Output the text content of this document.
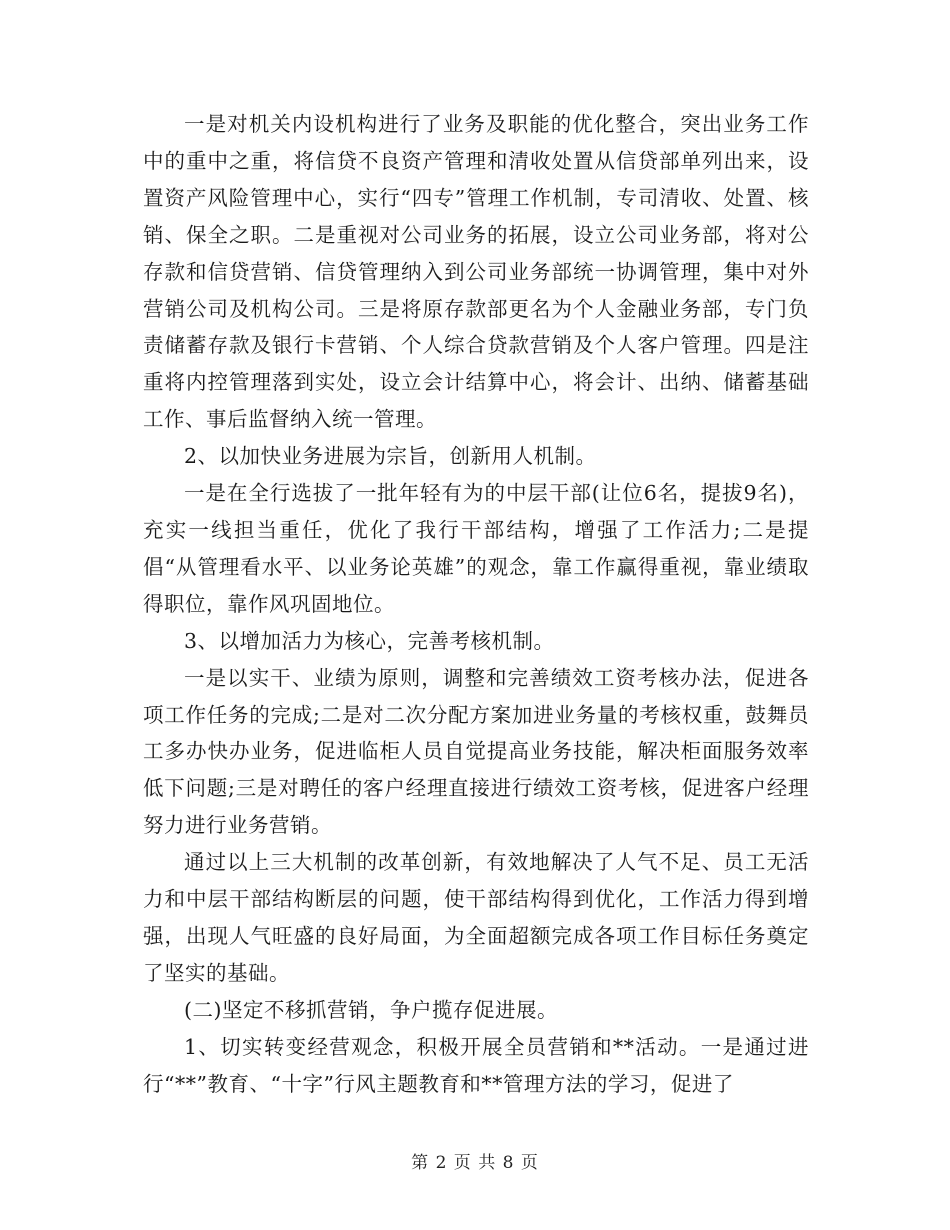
一是对机关内设机构进行了业务及职能的优化整合，突出业务工作中的重中之重，将信贷不良资产管理和清收处置从信贷部单列出来，设置资产风险管理中心，实行“四专”管理工作机制，专司清收、处置、核销、保全之职。二是重视对公司业务的拓展，设立公司业务部，将对公存款和信贷营销、信贷管理纳入到公司业务部统一协调管理，集中对外营销公司及机构公司。三是将原存款部更名为个人金融业务部，专门负责储蓄存款及银行卡营销、个人综合贷款营销及个人客户管理。四是注重将内控管理落到实处，设立会计结算中心，将会计、出纳、储蓄基础工作、事后监督纳入统一管理。

2、以加快业务进展为宗旨，创新用人机制。

一是在全行选拔了一批年轻有为的中层干部(让位6名，提拔9名)，充实一线担当重任，优化了我行干部结构，增强了工作活力;二是提倡“从管理看水平、以业务论英雄”的观念，靠工作赢得重视，靠业绩取得职位，靠作风巩固地位。

3、以增加活力为核心，完善考核机制。

一是以实干、业绩为原则，调整和完善绩效工资考核办法，促进各项工作任务的完成;二是对二次分配方案加进业务量的考核权重，鼓舞员工多办快办业务，促进临柜人员自觉提高业务技能，解决柜面服务效率低下问题;三是对聘任的客户经理直接进行绩效工资考核，促进客户经理努力进行业务营销。

通过以上三大机制的改革创新，有效地解决了人气不足、员工无活力和中层干部结构断层的问题，使干部结构得到优化，工作活力得到增强，出现人气旺盛的良好局面，为全面超额完成各项工作目标任务奠定了坚实的基础。

(二)坚定不移抓营销，争户揽存促进展。

1、切实转变经营观念，积极开展全员营销和**活动。一是通过进行“**”教育、“十字”行风主题教育和**管理方法的学习，促进了

第 2 页 共 8 页
